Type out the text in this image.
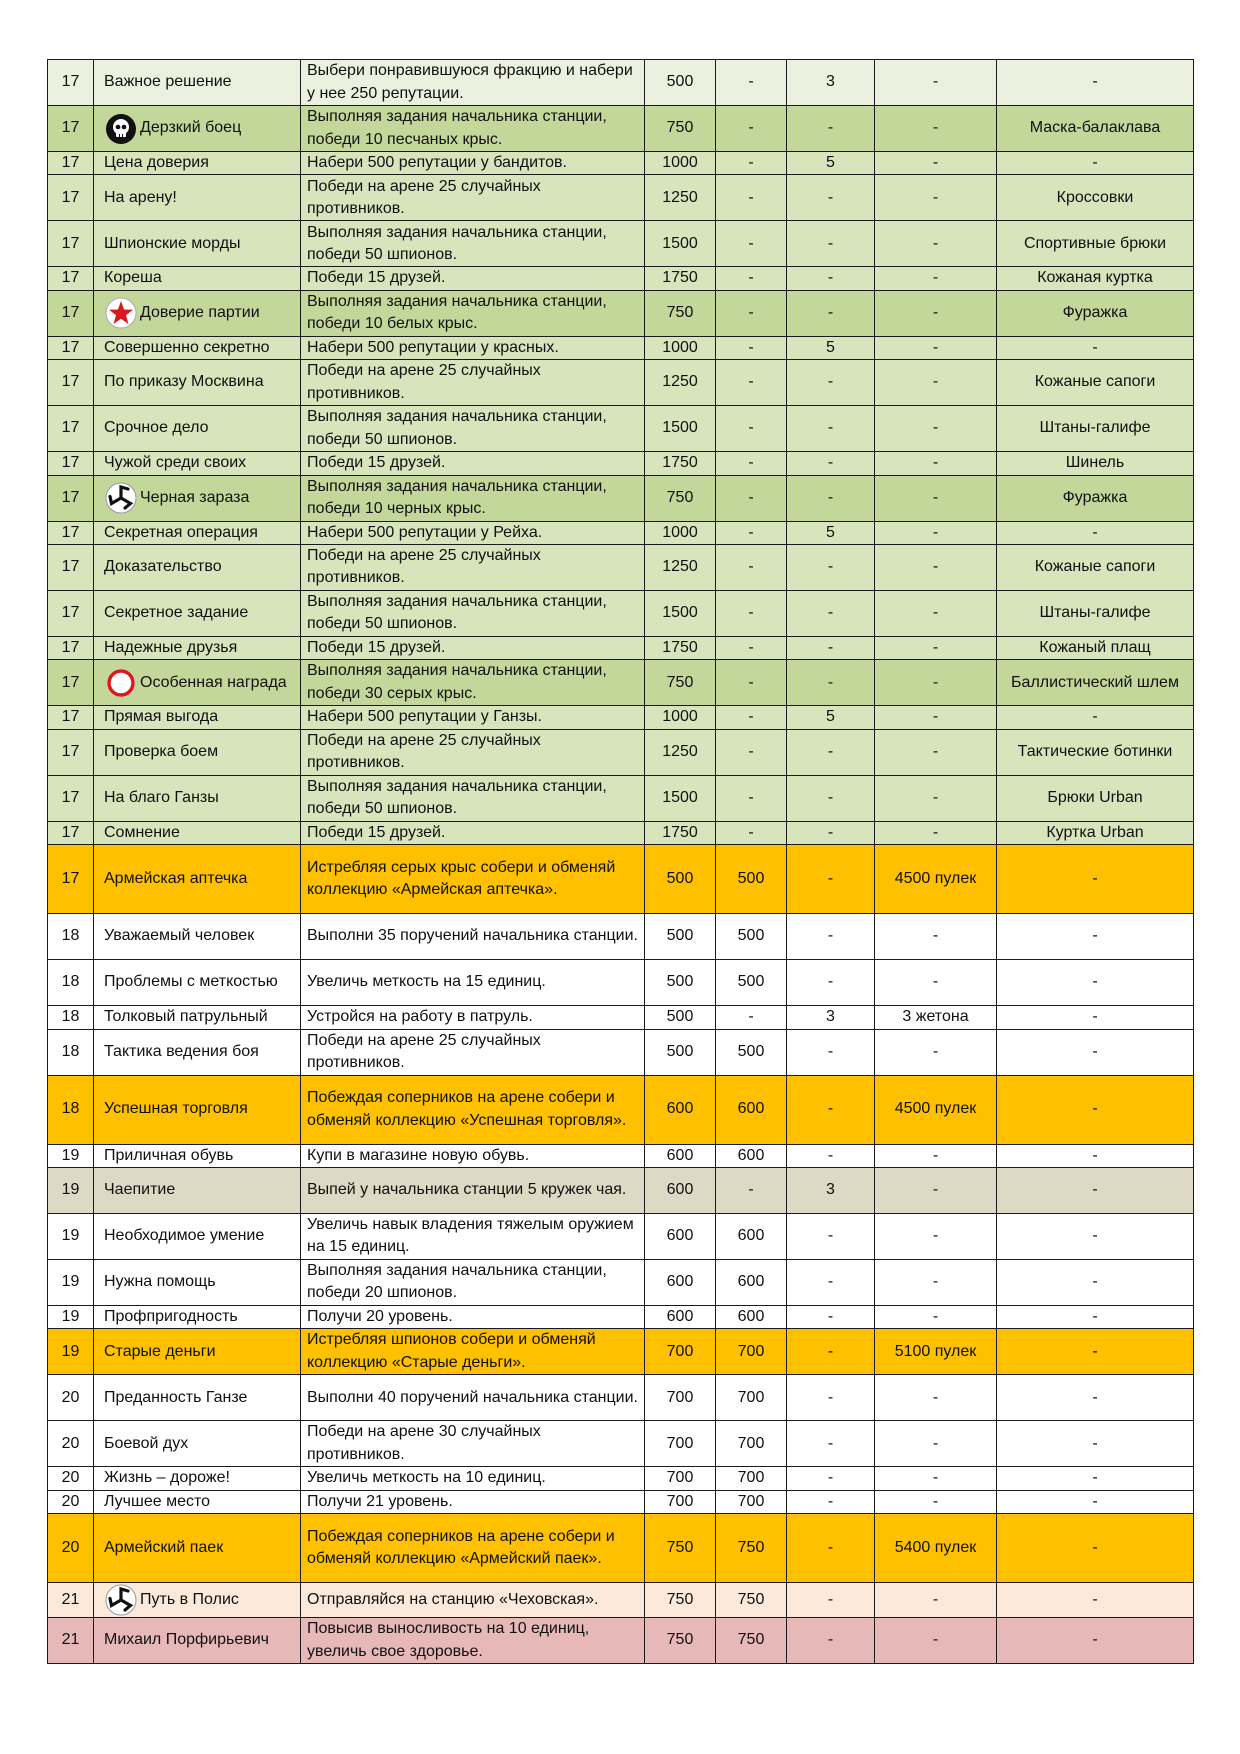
17	Важное решение	Выбери понравившуюся фракцию и набери у нее 250 репутации.	500	-	3	-	-
17	Дерзкий боец	Выполняя задания начальника станции, победи 10 песчаных крыс.	750	-	-	-	Маска-балаклава
17	Цена доверия	Набери 500 репутации у бандитов.	1000	-	5	-	-
17	На арену!	Победи на арене 25 случайных противников.	1250	-	-	-	Кроссовки
17	Шпионские морды	Выполняя задания начальника станции, победи 50 шпионов.	1500	-	-	-	Спортивные брюки
17	Кореша	Победи 15 друзей.	1750	-	-	-	Кожаная куртка
17	Доверие партии	Выполняя задания начальника станции, победи 10 белых крыс.	750	-	-	-	Фуражка
17	Совершенно секретно	Набери 500 репутации у красных.	1000	-	5	-	-
17	По приказу Москвина	Победи на арене 25 случайных противников.	1250	-	-	-	Кожаные сапоги
17	Срочное дело	Выполняя задания начальника станции, победи 50 шпионов.	1500	-	-	-	Штаны-галифе
17	Чужой среди своих	Победи 15 друзей.	1750	-	-	-	Шинель
17	Черная зараза	Выполняя задания начальника станции, победи 10 черных крыс.	750	-	-	-	Фуражка
17	Секретная операция	Набери 500 репутации у Рейха.	1000	-	5	-	-
17	Доказательство	Победи на арене 25 случайных противников.	1250	-	-	-	Кожаные сапоги
17	Секретное задание	Выполняя задания начальника станции, победи 50 шпионов.	1500	-	-	-	Штаны-галифе
17	Надежные друзья	Победи 15 друзей.	1750	-	-	-	Кожаный плащ
17	Особенная награда	Выполняя задания начальника станции, победи 30 серых крыс.	750	-	-	-	Баллистический шлем
17	Прямая выгода	Набери 500 репутации у Ганзы.	1000	-	5	-	-
17	Проверка боем	Победи на арене 25 случайных противников.	1250	-	-	-	Тактические ботинки
17	На благо Ганзы	Выполняя задания начальника станции, победи 50 шпионов.	1500	-	-	-	Брюки Urban
17	Сомнение	Победи 15 друзей.	1750	-	-	-	Куртка Urban
17	Армейская аптечка	Истребляя серых крыс собери и обменяй коллекцию «Армейская аптечка».	500	500	-	4500 пулек	-
18	Уважаемый человек	Выполни 35 поручений начальника станции.	500	500	-	-	-
18	Проблемы с меткостью	Увеличь меткость на 15 единиц.	500	500	-	-	-
18	Толковый патрульный	Устройся на работу в патруль.	500	-	3	3 жетона	-
18	Тактика ведения боя	Победи на арене 25 случайных противников.	500	500	-	-	-
18	Успешная торговля	Побеждая соперников на арене собери и обменяй коллекцию «Успешная торговля».	600	600	-	4500 пулек	-
19	Приличная обувь	Купи в магазине новую обувь.	600	600	-	-	-
19	Чаепитие	Выпей у начальника станции 5 кружек чая.	600	-	3	-	-
19	Необходимое умение	Увеличь навык владения тяжелым оружием на 15 единиц.	600	600	-	-	-
19	Нужна помощь	Выполняя задания начальника станции, победи 20 шпионов.	600	600	-	-	-
19	Профпригодность	Получи 20 уровень.	600	600	-	-	-
19	Старые деньги	Истребляя шпионов собери и обменяй коллекцию «Старые деньги».	700	700	-	5100 пулек	-
20	Преданность Ганзе	Выполни 40 поручений начальника станции.	700	700	-	-	-
20	Боевой дух	Победи на арене 30 случайных противников.	700	700	-	-	-
20	Жизнь – дороже!	Увеличь меткость на 10 единиц.	700	700	-	-	-
20	Лучшее место	Получи 21 уровень.	700	700	-	-	-
20	Армейский паек	Побеждая соперников на арене собери и обменяй коллекцию «Армейский паек».	750	750	-	5400 пулек	-
21	Путь в Полис	Отправляйся на станцию «Чеховская».	750	750	-	-	-
21	Михаил Порфирьевич	Повысив выносливость на 10 единиц, увеличь свое здоровье.	750	750	-	-	-
